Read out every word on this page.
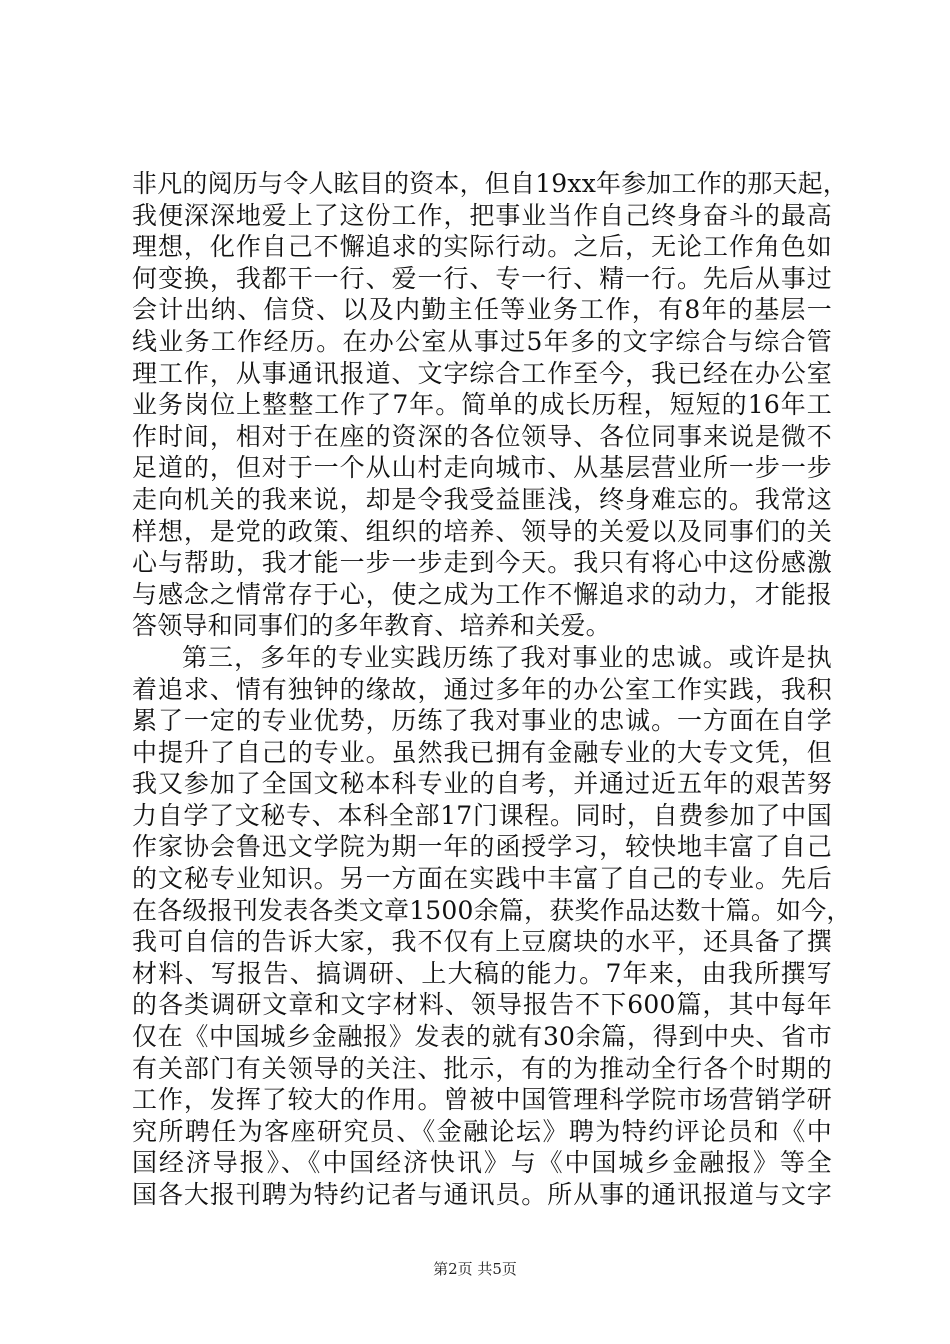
非凡的阅历与令人眩目的资本，但自19xx年参加工作的那天起，
我便深深地爱上了这份工作，把事业当作自己终身奋斗的最高
理想，化作自己不懈追求的实际行动。之后，无论工作角色如
何变换，我都干一行、爱一行、专一行、精一行。先后从事过
会计出纳、信贷、以及内勤主任等业务工作，有8年的基层一
线业务工作经历。在办公室从事过5年多的文字综合与综合管
理工作，从事通讯报道、文字综合工作至今，我已经在办公室
业务岗位上整整工作了7年。简单的成长历程，短短的16年工
作时间，相对于在座的资深的各位领导、各位同事来说是微不
足道的，但对于一个从山村走向城市、从基层营业所一步一步
走向机关的我来说，却是令我受益匪浅，终身难忘的。我常这
样想，是党的政策、组织的培养、领导的关爱以及同事们的关
心与帮助，我才能一步一步走到今天。我只有将心中这份感激
与感念之情常存于心，使之成为工作不懈追求的动力，才能报
答领导和同事们的多年教育、培养和关爱。
第三，多年的专业实践历练了我对事业的忠诚。或许是执
着追求、情有独钟的缘故，通过多年的办公室工作实践，我积
累了一定的专业优势，历练了我对事业的忠诚。一方面在自学
中提升了自己的专业。虽然我已拥有金融专业的大专文凭，但
我又参加了全国文秘本科专业的自考，并通过近五年的艰苦努
力自学了文秘专、本科全部17门课程。同时，自费参加了中国
作家协会鲁迅文学院为期一年的函授学习，较快地丰富了自己
的文秘专业知识。另一方面在实践中丰富了自己的专业。先后
在各级报刊发表各类文章1500余篇，获奖作品达数十篇。如今，
我可自信的告诉大家，我不仅有上豆腐块的水平，还具备了撰
材料、写报告、搞调研、上大稿的能力。7年来，由我所撰写
的各类调研文章和文字材料、领导报告不下600篇，其中每年
仅在《中国城乡金融报》发表的就有30余篇，得到中央、省市
有关部门有关领导的关注、批示，有的为推动全行各个时期的
工作，发挥了较大的作用。曾被中国管理科学院市场营销学研
究所聘任为客座研究员、《金融论坛》聘为特约评论员和《中
国经济导报》、《中国经济快讯》与《中国城乡金融报》等全
国各大报刊聘为特约记者与通讯员。所从事的通讯报道与文字
第2页 共5页
